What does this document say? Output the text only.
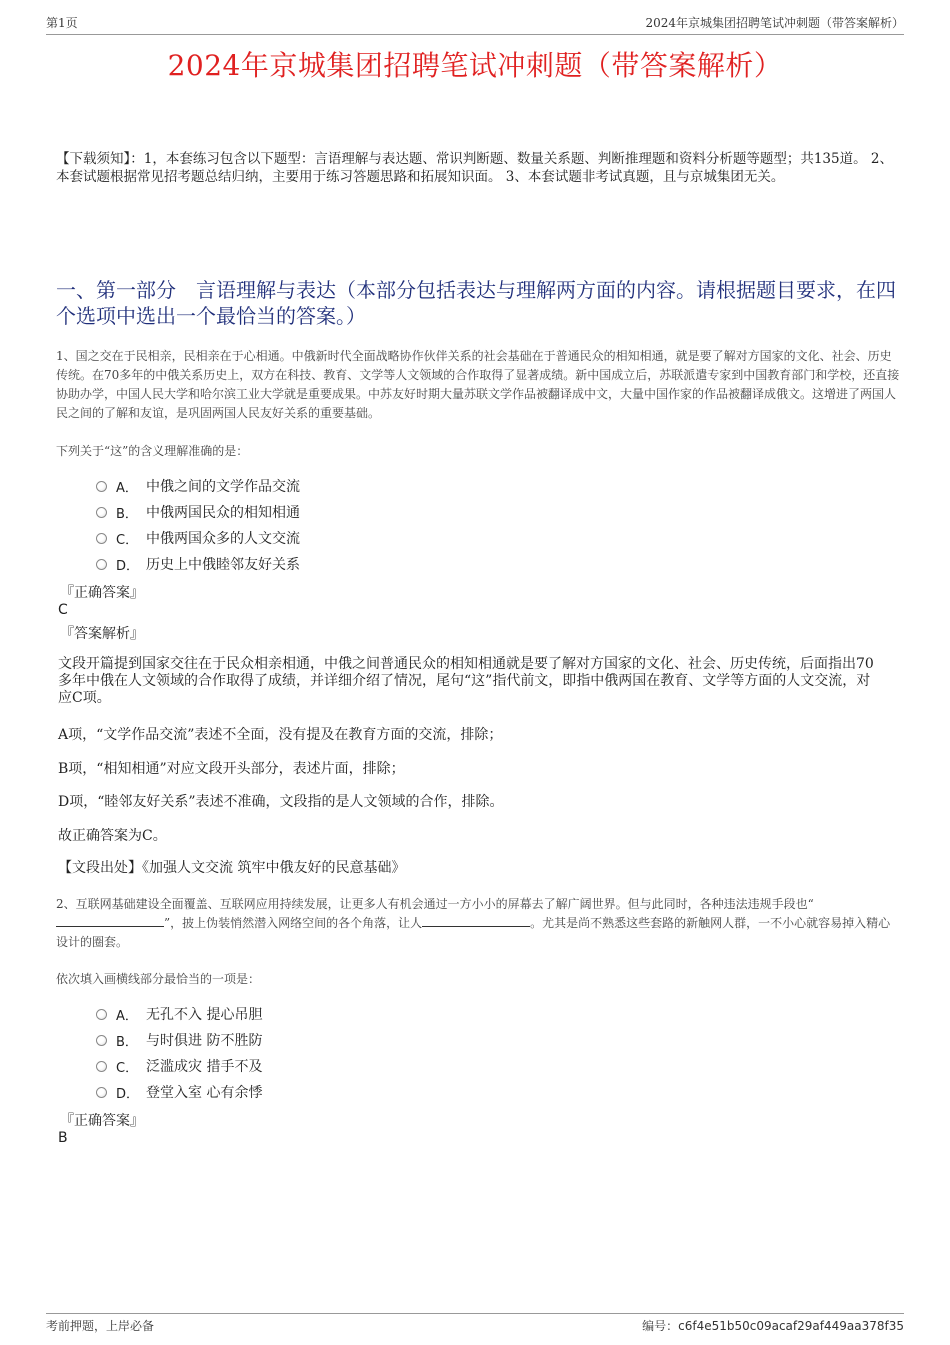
第1页	2024年京城集团招聘笔试冲刺题（带答案解析）
2024年京城集团招聘笔试冲刺题（带答案解析）
【下载须知】：1，本套练习包含以下题型：言语理解与表达题、常识判断题、数量关系题、判断推理题和资料分析题等题型；共135道。 2、本套试题根据常见招考题总结归纳，主要用于练习答题思路和拓展知识面。 3、本套试题非考试真题，且与京城集团无关。
一、第一部分　言语理解与表达（本部分包括表达与理解两方面的内容。请根据题目要求，在四个选项中选出一个最恰当的答案。）
1、国之交在于民相亲，民相亲在于心相通。中俄新时代全面战略协作伙伴关系的社会基础在于普通民众的相知相通，就是要了解对方国家的文化、社会、历史传统。在70多年的中俄关系历史上，双方在科技、教育、文学等人文领域的合作取得了显著成绩。新中国成立后，苏联派遣专家到中国教育部门和学校，还直接协助办学，中国人民大学和哈尔滨工业大学就是重要成果。中苏友好时期大量苏联文学作品被翻译成中文，大量中国作家的作品被翻译成俄文。这增进了两国人民之间的了解和友谊，是巩固两国人民友好关系的重要基础。
下列关于“这”的含义理解准确的是：
A． 中俄之间的文学作品交流
B． 中俄两国民众的相知相通
C． 中俄两国众多的人文交流
D． 历史上中俄睦邻友好关系
『正确答案』
C
『答案解析』
文段开篇提到国家交往在于民众相亲相通，中俄之间普通民众的相知相通就是要了解对方国家的文化、社会、历史传统，后面指出70多年中俄在人文领域的合作取得了成绩，并详细介绍了情况，尾句“这”指代前文，即指中俄两国在教育、文学等方面的人文交流，对应C项。
A项，“文学作品交流”表述不全面，没有提及在教育方面的交流，排除；
B项，“相知相通”对应文段开头部分，表述片面，排除；
D项，“睦邻友好关系”表述不准确，文段指的是人文领域的合作，排除。
故正确答案为C。
【文段出处】《加强人文交流 筑牢中俄友好的民意基础》
2、互联网基础建设全面覆盖、互联网应用持续发展，让更多人有机会通过一方小小的屏幕去了解广阔世界。但与此同时，各种违法违规手段也“”，披上伪装悄然潜入网络空间的各个角落，让人	。尤其是尚不熟悉这些套路的新触网人群，一不小心就容易掉入精心设计的圈套。
依次填入画横线部分最恰当的一项是：
A． 无孔不入 提心吊胆
B． 与时俱进 防不胜防
C． 泛滥成灾 措手不及
D． 登堂入室 心有余悸
『正确答案』
B
考前押题，上岸必备	编号：c6f4e51b50c09acaf29af449aa378f35
